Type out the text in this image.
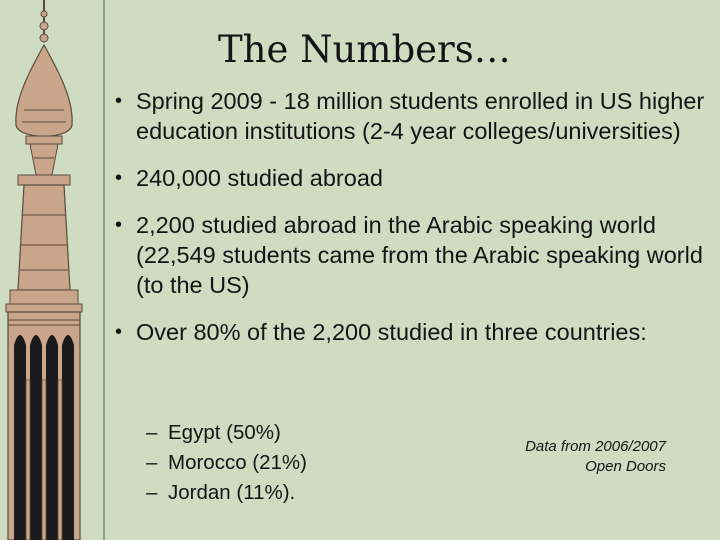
The Numbers…
• Spring 2009 - 18 million students enrolled in US higher education institutions (2-4 year colleges/universities)
• 240,000 studied abroad
• 2,200 studied abroad in the Arabic speaking world (22,549 students came from the Arabic speaking world (to the US)
• Over 80% of the 2,200 studied in three countries:
– Egypt (50%)
– Morocco (21%)
– Jordan (11%).
Data from 2006/2007
Open Doors
